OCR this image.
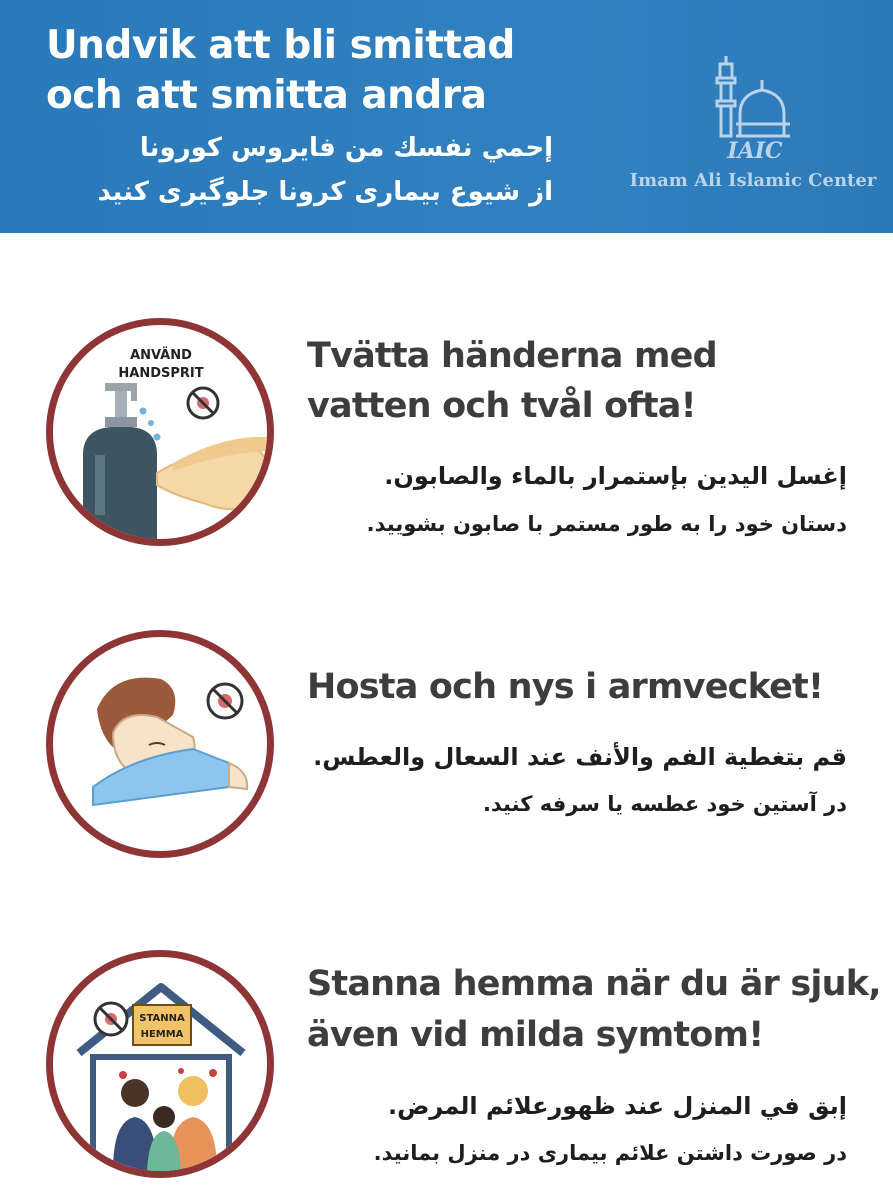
Undvik att bli smittad
och att smitta andra
إحمي نفسك من فايروس كورونا
از شیوع بیماری کرونا جلوگیری کنید
IAIC
Imam Ali Islamic Center
ANVÄND
HANDSPRIT	Tvätta händerna med
vatten och tvål ofta!
إغسل اليدين بإستمرار بالماء والصابون.
دستان خود را به طور مستمر با صابون بشویید.
Hosta och nys i armvecket!
قم بتغطية الفم والأنف عند السعال والعطس.
در آستین خود عطسه یا سرفه کنید.
STANNA
HEMMA
Stanna hemma när du är sjuk,
även vid milda symtom!
إبق في المنزل عند ظهورعلائم المرض.
در صورت داشتن علائم بیماری در منزل بمانید.
